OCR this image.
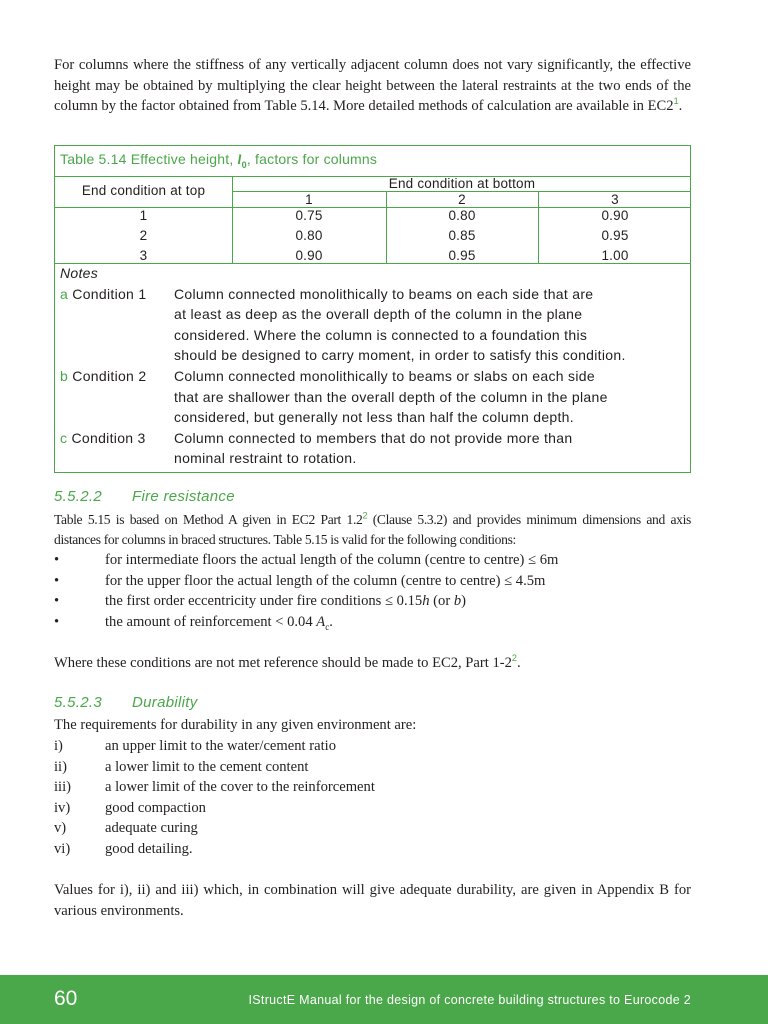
For columns where the stiffness of any vertically adjacent column does not vary significantly, the effective height may be obtained by multiplying the clear height between the lateral restraints at the two ends of the column by the factor obtained from Table 5.14. More detailed methods of calculation are available in $EC2^1$.

Table 5.14 Effective height, $l_0$, factors for columns
End condition at top	End condition at bottom
1	2	3
1	0.75	0.80	0.90
2	0.80	0.85	0.95
3	0.90	0.95	1.00
Notes
a Condition 1	Column connected monolithically to beams on each side that are
at least as deep as the overall depth of the column in the plane
considered. Where the column is connected to a foundation this
should be designed to carry moment, in order to satisfy this condition.
b Condition 2	Column connected monolithically to beams or slabs on each side
that are shallower than the overall depth of the column in the plane
considered, but generally not less than half the column depth.
c Condition 3	Column connected to members that do not provide more than
nominal restraint to rotation.
5.5.2.2 Fire resistance

Table 5.15 is based on Method A given in EC2 Part $1.2^2$ (Clause 5.3.2) and provides minimum dimensions and axis distances for columns in braced structures. Table 5.15 is valid for the following conditions:

•	for intermediate floors the actual length of the column (centre to centre) ≤ 6m
•	for the upper floor the actual length of the column (centre to centre) ≤ 4.5m
•	the first order eccentricity under fire conditions ≤ 0.15h (or b)
•	the amount of reinforcement < 0.04 $A_c$.

Where these conditions are not met reference should be made to EC2, Part $1-2^2$.

5.5.2.3 Durability

The requirements for durability in any given environment are:

i)	an upper limit to the water/cement ratio
ii)	a lower limit to the cement content
iii)	a lower limit of the cover to the reinforcement
iv)	good compaction
v)	adequate curing
vi)	good detailing.

Values for i), ii) and iii) which, in combination will give adequate durability, are given in Appendix B for various environments.

60	IStructE Manual for the design of concrete building structures to Eurocode 2
